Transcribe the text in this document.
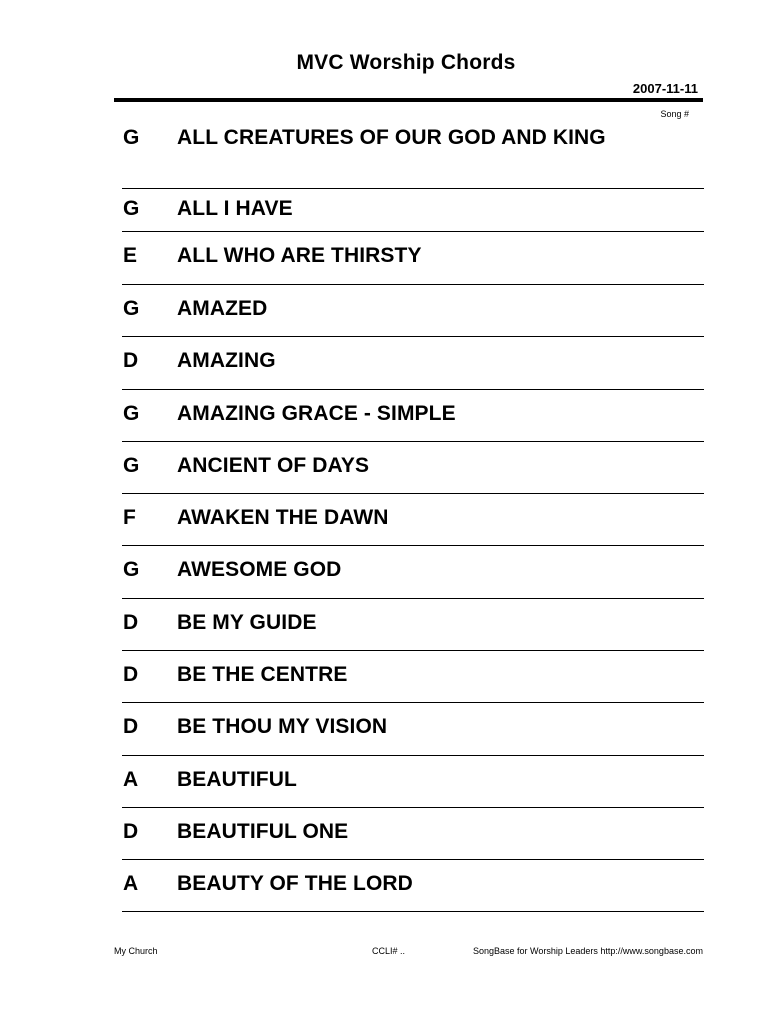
MVC Worship Chords
2007-11-11
Song #
G ALL CREATURES OF OUR GOD AND KING
G ALL I HAVE
E ALL WHO ARE THIRSTY
G AMAZED
D AMAZING
G AMAZING GRACE - SIMPLE
G ANCIENT OF DAYS
F AWAKEN THE DAWN
G AWESOME GOD
D BE MY GUIDE
D BE THE CENTRE
D BE THOU MY VISION
A BEAUTIFUL
D BEAUTIFUL ONE
A BEAUTY OF THE LORD
My Church	CCLI# ..	SongBase for Worship Leaders http://www.songbase.com
